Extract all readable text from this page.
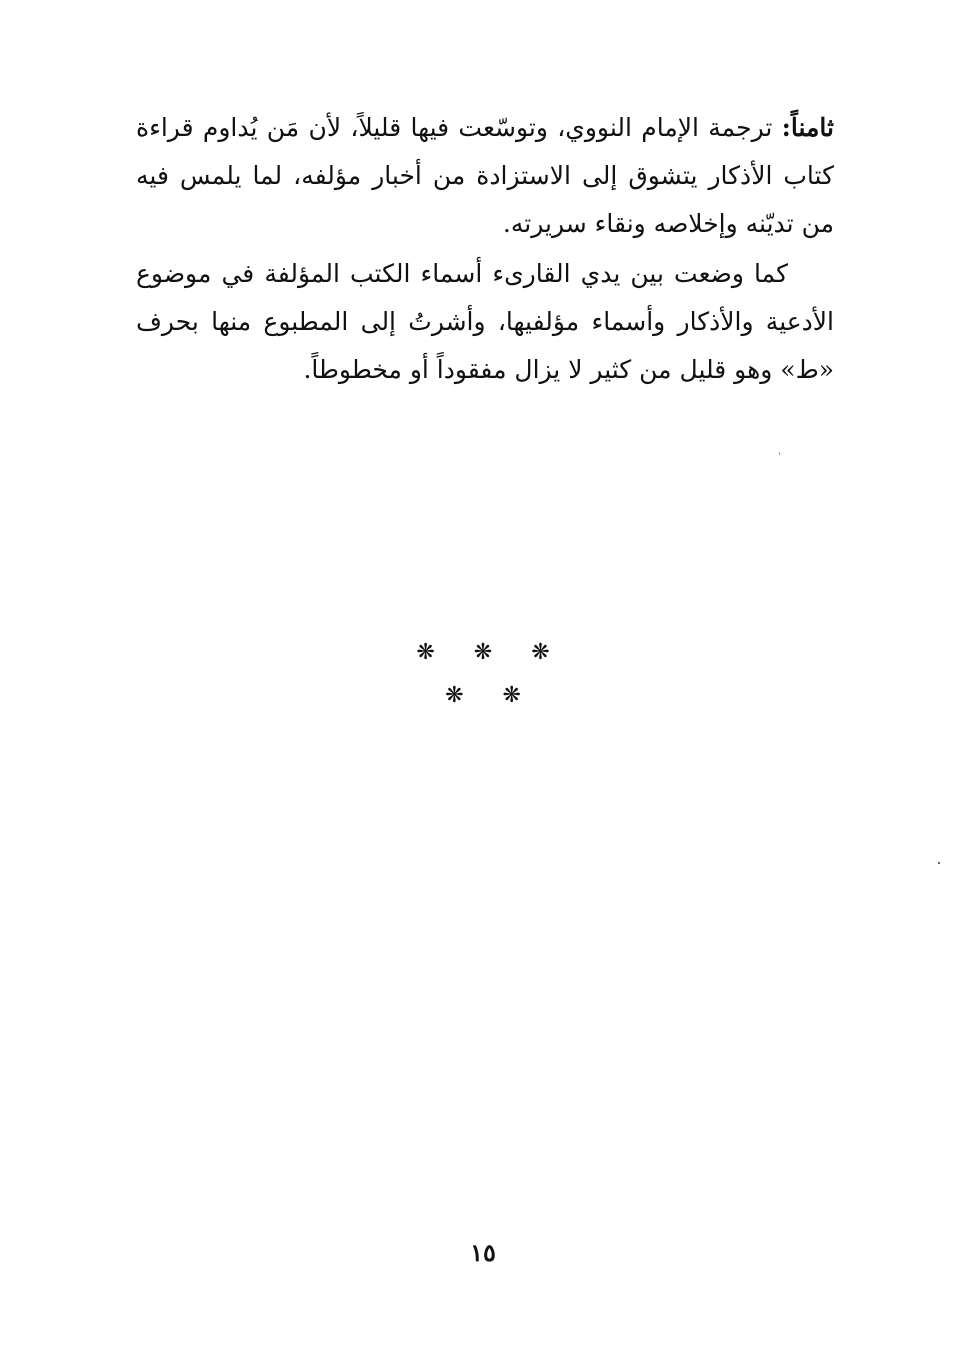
ثامناً: ترجمة الإمام النووي، وتوسّعت فيها قليلاً، لأن مَن يُداوم قراءة كتاب الأذكار يتشوق إلى الاستزادة من أخبار مؤلفه، لما يلمس فيه من تديّنه وإخلاصه ونقاء سريرته.

كما وضعت بين يدي القارىء أسماء الكتب المؤلفة في موضوع الأدعية والأذكار وأسماء مؤلفيها، وأشرتُ إلى المطبوع منها بحرف «ط» وهو قليل من كثير لا يزال مفقوداً أو مخطوطاً.

❋ ❋ ❋
❋ ❋
١٥
